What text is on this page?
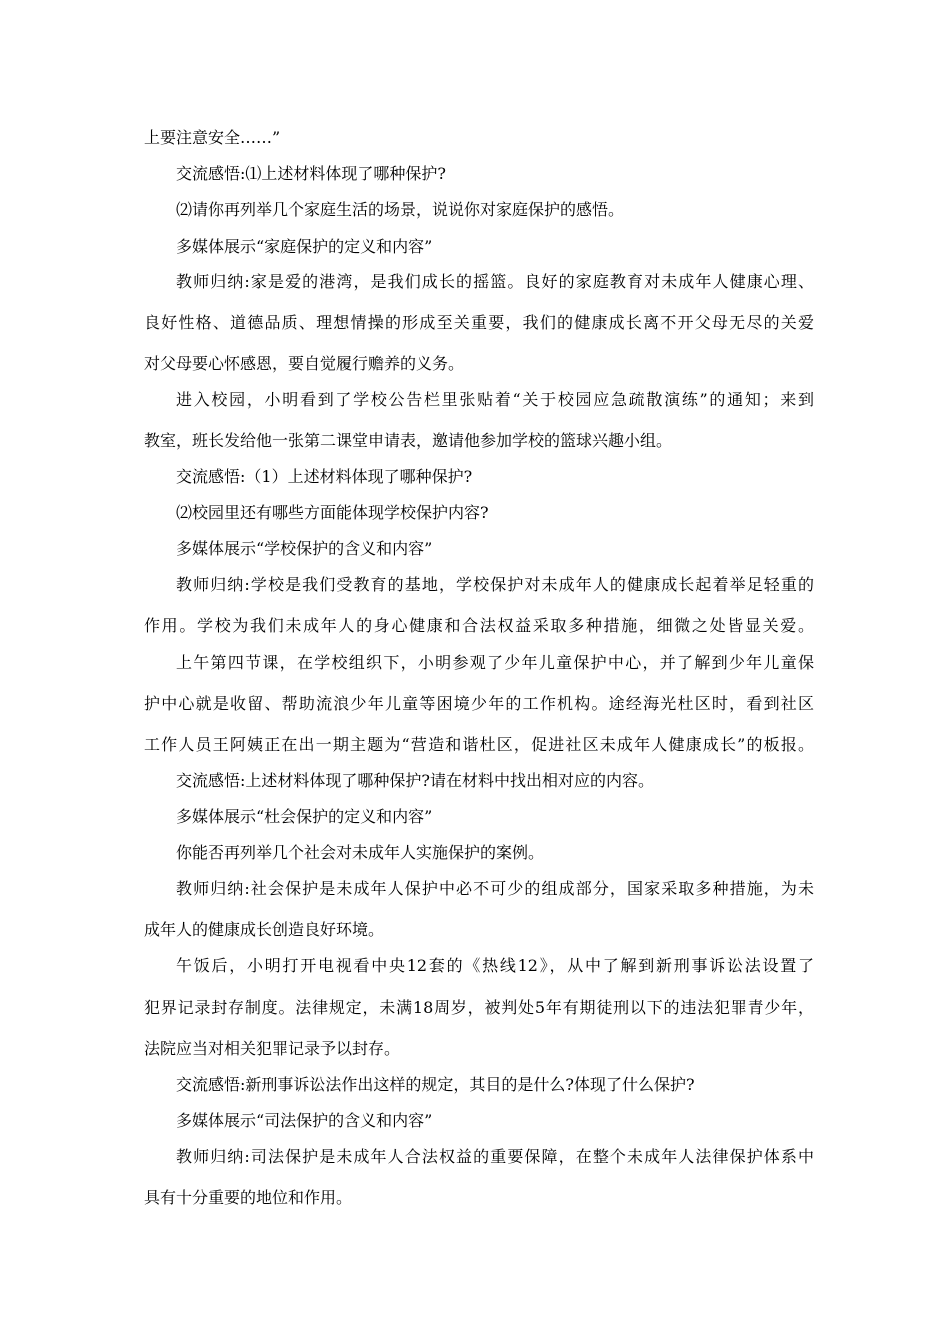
上要注意安全……”
交流感悟:⑴上述材料体现了哪种保护?
⑵请你再列举几个家庭生活的场景，说说你对家庭保护的感悟。
多媒体展示“家庭保护的定义和内容”
教师归纳:家是爱的港湾，是我们成长的摇篮。良好的家庭教育对未成年人健康心理、
良好性格、道德品质、理想情操的形成至关重要，我们的健康成长离不开父母无尽的关爱
对父母要心怀感恩，要自觉履行赡养的义务。
进入校园，小明看到了学校公告栏里张贴着“关于校园应急疏散演练”的通知；来到
教室，班长发给他一张第二课堂申请表，邀请他参加学校的篮球兴趣小组。
交流感悟:（1）上述材料体现了哪种保护?
⑵校园里还有哪些方面能体现学校保护内容?
多媒体展示“学校保护的含义和内容”
教师归纳:学校是我们受教育的基地，学校保护对未成年人的健康成长起着举足轻重的
作用。学校为我们未成年人的身心健康和合法权益采取多种措施，细微之处皆显关爱。
上午第四节课，在学校组织下，小明参观了少年儿童保护中心，并了解到少年儿童保
护中心就是收留、帮助流浪少年儿童等困境少年的工作机构。途经海光杜区时，看到社区
工作人员王阿姨正在出一期主题为“营造和谐杜区，促进社区未成年人健康成长”的板报。
交流感悟:上述材料体现了哪种保护?请在材料中找出相对应的内容。
多媒体展示“杜会保护的定义和内容”
你能否再列举几个社会对未成年人实施保护的案例。
教师归纳:社会保护是未成年人保护中必不可少的组成部分，国家采取多种措施，为未
成年人的健康成长创造良好环境。
午饭后，小明打开电视看中央12套的《热线12》，从中了解到新刑事诉讼法设置了
犯界记录封存制度。法律规定，未满18周岁，被判处5年有期徒刑以下的违法犯罪青少年，
法院应当对相关犯罪记录予以封存。
交流感悟:新刑事诉讼法作出这样的规定，其目的是什么?体现了什么保护?
多媒体展示“司法保护的含义和内容”
教师归纳:司法保护是未成年人合法权益的重要保障，在整个未成年人法律保护体系中
具有十分重要的地位和作用。
